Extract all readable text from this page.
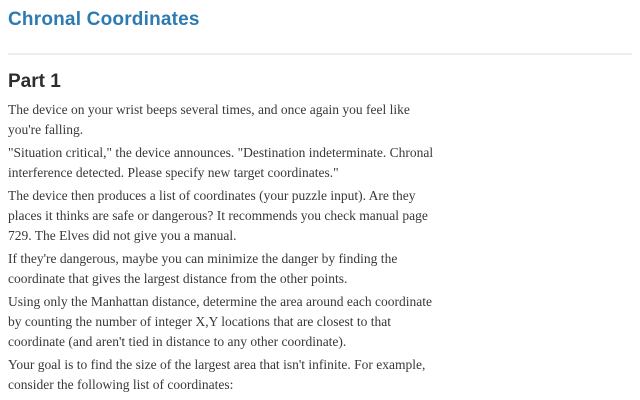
Chronal Coordinates
Part 1

The device on your wrist beeps several times, and once again you feel like you're falling.

"Situation critical," the device announces. "Destination indeterminate. Chronal interference detected. Please specify new target coordinates."

The device then produces a list of coordinates (your puzzle input). Are they places it thinks are safe or dangerous? It recommends you check manual page 729. The Elves did not give you a manual.

If they're dangerous, maybe you can minimize the danger by finding the coordinate that gives the largest distance from the other points.

Using only the Manhattan distance, determine the area around each coordinate by counting the number of integer X,Y locations that are closest to that coordinate (and aren't tied in distance to any other coordinate).

Your goal is to find the size of the largest area that isn't infinite. For example, consider the following list of coordinates:
